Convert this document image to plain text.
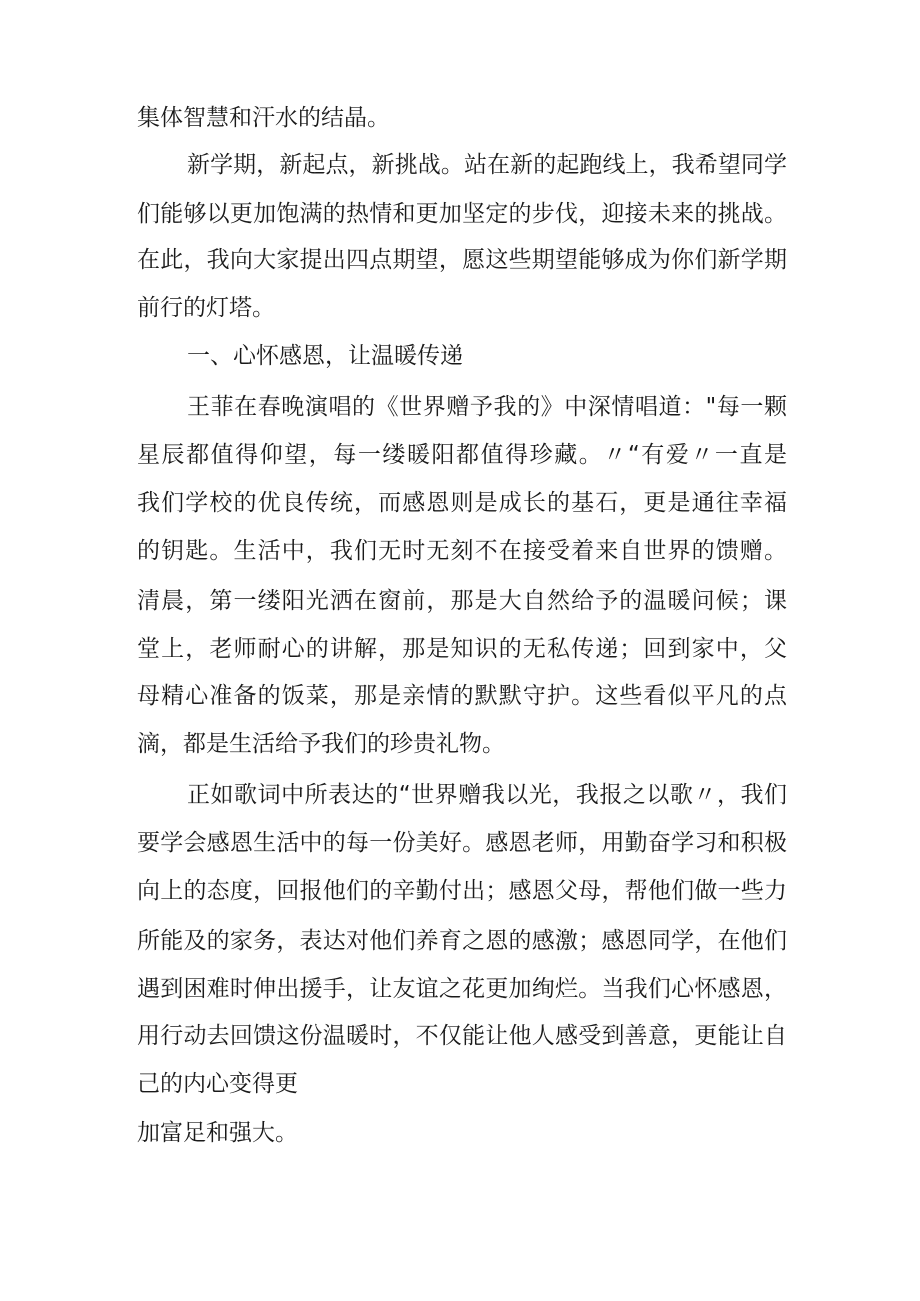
集体智慧和汗水的结晶。
新学期，新起点，新挑战。站在新的起跑线上，我希望同学
们能够以更加饱满的热情和更加坚定的步伐，迎接未来的挑战。
在此，我向大家提出四点期望，愿这些期望能够成为你们新学期
前行的灯塔。
一、心怀感恩，让温暖传递
王菲在春晚演唱的《世界赠予我的》中深情唱道："每一颗
星辰都值得仰望，每一缕暖阳都值得珍藏。〃“有爱〃一直是
我们学校的优良传统，而感恩则是成长的基石，更是通往幸福
的钥匙。生活中，我们无时无刻不在接受着来自世界的馈赠。
清晨，第一缕阳光洒在窗前，那是大自然给予的温暖问候；课
堂上，老师耐心的讲解，那是知识的无私传递；回到家中，父
母精心准备的饭菜，那是亲情的默默守护。这些看似平凡的点
滴，都是生活给予我们的珍贵礼物。
正如歌词中所表达的“世界赠我以光，我报之以歌〃，我们
要学会感恩生活中的每一份美好。感恩老师，用勤奋学习和积极
向上的态度，回报他们的辛勤付出；感恩父母，帮他们做一些力
所能及的家务，表达对他们养育之恩的感激；感恩同学，在他们
遇到困难时伸出援手，让友谊之花更加绚烂。当我们心怀感恩，
用行动去回馈这份温暖时，不仅能让他人感受到善意，更能让自
己的内心变得更
加富足和强大。
